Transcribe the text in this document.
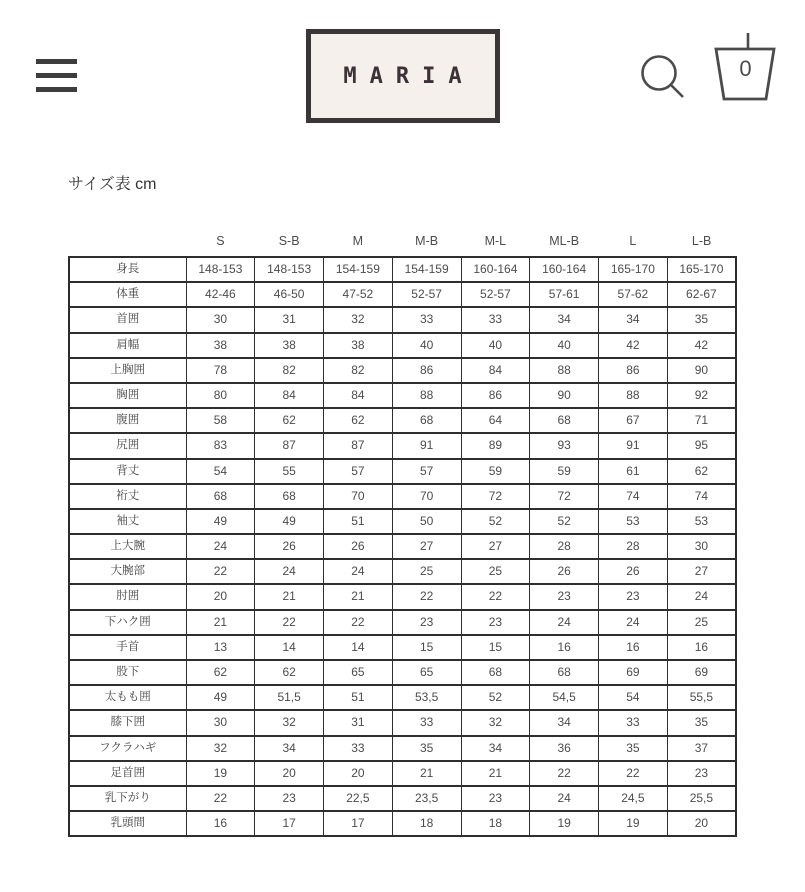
MARIA	0
サイズ表 cm
	S	S-B	M	M-B	M-L	ML-B	L	L-B
身長	148-153	148-153	154-159	154-159	160-164	160-164	165-170	165-170
体重	42-46	46-50	47-52	52-57	52-57	57-61	57-62	62-67
首囲	30	31	32	33	33	34	34	35
肩幅	38	38	38	40	40	40	42	42
上胸囲	78	82	82	86	84	88	86	90
胸囲	80	84	84	88	86	90	88	92
腹囲	58	62	62	68	64	68	67	71
尻囲	83	87	87	91	89	93	91	95
背丈	54	55	57	57	59	59	61	62
裄丈	68	68	70	70	72	72	74	74
袖丈	49	49	51	50	52	52	53	53
上大腕	24	26	26	27	27	28	28	30
大腕部	22	24	24	25	25	26	26	27
肘囲	20	21	21	22	22	23	23	24
下ハク囲	21	22	22	23	23	24	24	25
手首	13	14	14	15	15	16	16	16
股下	62	62	65	65	68	68	69	69
太もも囲	49	51,5	51	53,5	52	54,5	54	55,5
膝下囲	30	32	31	33	32	34	33	35
フクラハギ	32	34	33	35	34	36	35	37
足首囲	19	20	20	21	21	22	22	23
乳下がり	22	23	22,5	23,5	23	24	24,5	25,5
乳頭間	16	17	17	18	18	19	19	20
